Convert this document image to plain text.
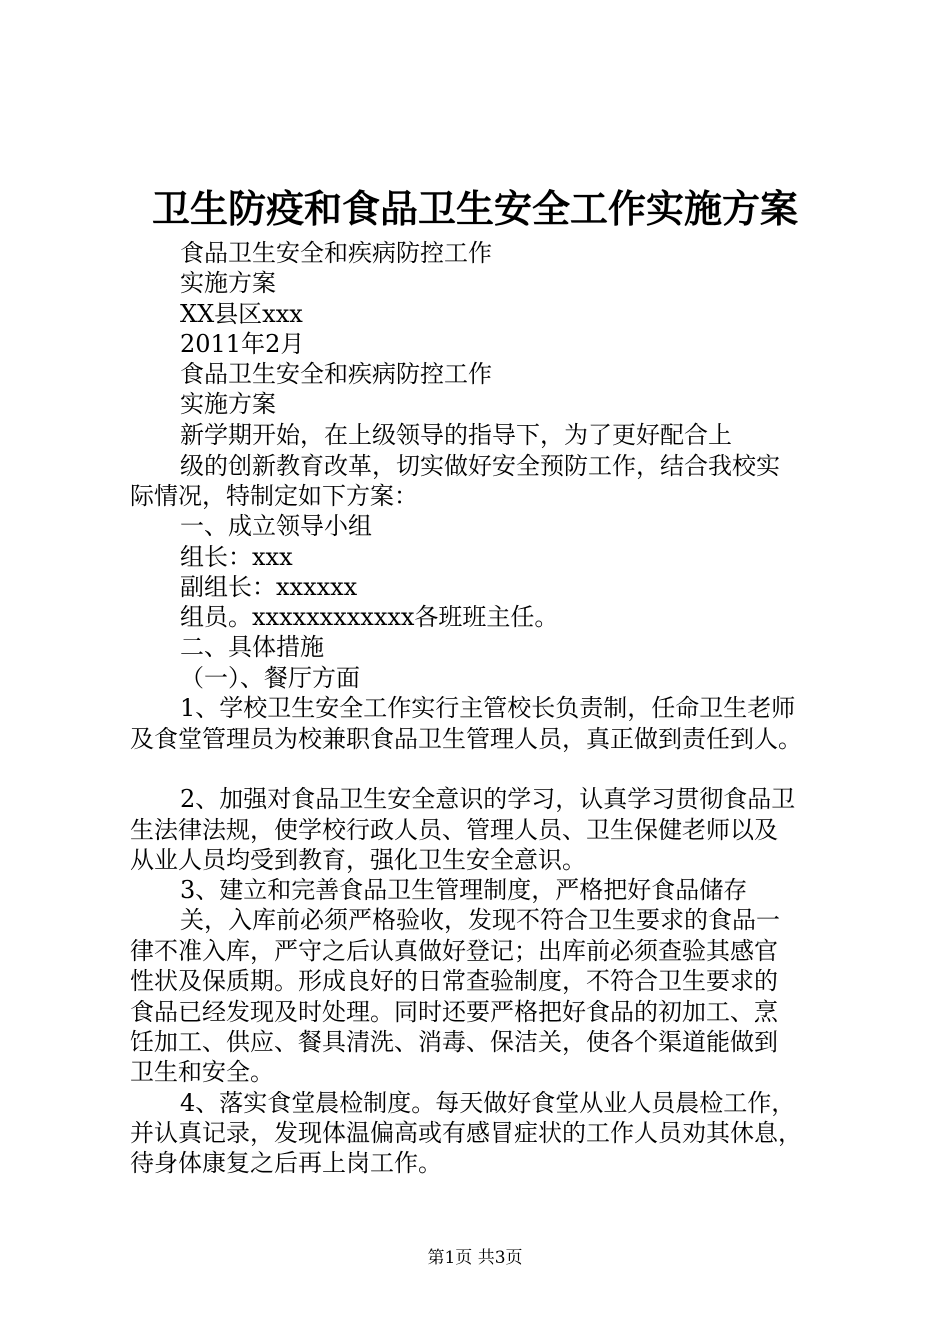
卫生防疫和食品卫生安全工作实施方案

食品卫生安全和疾病防控工作

实施方案

XX县区xxx

2011年2月

食品卫生安全和疾病防控工作

实施方案

新学期开始，在上级领导的指导下，为了更好配合上

级的创新教育改革，切实做好安全预防工作，结合我校实

际情况，特制定如下方案：

一、成立领导小组

组长：xxx

副组长：xxxxxx

组员。xxxxxxxxxxxx各班班主任。

二、具体措施

（一）、餐厅方面

1、学校卫生安全工作实行主管校长负责制，任命卫生老师

及食堂管理员为校兼职食品卫生管理人员，真正做到责任到人。

2、加强对食品卫生安全意识的学习，认真学习贯彻食品卫

生法律法规，使学校行政人员、管理人员、卫生保健老师以及

从业人员均受到教育，强化卫生安全意识。

3、建立和完善食品卫生管理制度，严格把好食品储存

关，入库前必须严格验收，发现不符合卫生要求的食品一

律不准入库，严守之后认真做好登记；出库前必须查验其感官

性状及保质期。形成良好的日常查验制度，不符合卫生要求的

食品已经发现及时处理。同时还要严格把好食品的初加工、烹

饪加工、供应、餐具清洗、消毒、保洁关，使各个渠道能做到

卫生和安全。

4、落实食堂晨检制度。每天做好食堂从业人员晨检工作，

并认真记录，发现体温偏高或有感冒症状的工作人员劝其休息，

待身体康复之后再上岗工作。

第1页 共3页
